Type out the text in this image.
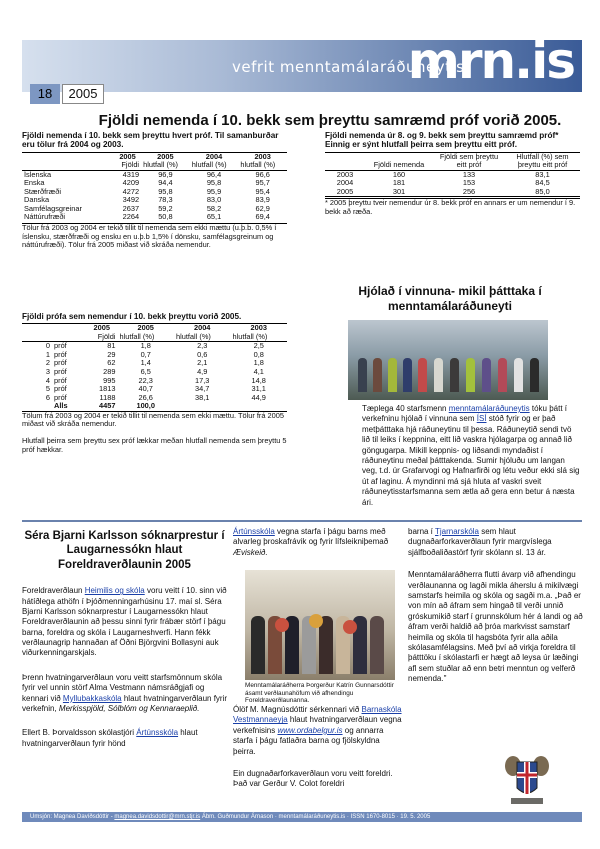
vefrit menntamálaráðuneytis
mrn.is
18	2005
Fjöldi nemenda í 10. bekk sem þreyttu samræmd próf vorið 2005.
Fjöldi nemenda í 10. bekk sem þreyttu hvert próf. Til samanburðar eru tölur frá 2004 og 2003.
	2005	2005	2004	2003
	Fjöldi	hlutfall (%)	hlutfall (%)	hlutfall (%)
Íslenska	4319	96,9	96,4	96,6
Enska	4209	94,4	95,8	95,7
Stærðfræði	4272	95,8	95,9	95,4
Danska	3492	78,3	83,0	83,9
Samfélagsgreinar	2637	59,2	58,2	62,9
Náttúrufræði	2264	50,8	65,1	69,4
Tölur frá 2003 og 2004 er tekið tillit til nemenda sem ekki mættu (u.þ.b. 0,5% í íslensku, stærðfræði og ensku en u.þ.b 1,5% í dönsku, samfélagsgreinum og náttúrufræði). Tölur frá 2005 miðast við skráða nemendur.
Fjöldi nemenda úr 8. og 9. bekk sem þreyttu samræmd próf* Einnig er sýnt hlutfall þeirra sem þreyttu eitt próf.
	Fjöldi nemenda	Fjöldi sem þreyttu eitt próf	Hlutfall (%) sem þreyttu eitt próf
2003	160	133	83,1
2004	181	153	84,5
2005	301	256	85,0
* 2005 þreyttu tveir nemendur úr 8. bekk próf en annars er um nemendur í 9. bekk að ræða.
Fjöldi prófa sem nemendur í 10. bekk þreyttu vorið 2005.
		2005	2005	2004	2003
		Fjöldi	hlutfall (%)	hlutfall (%)	hlutfall (%)
0	próf	81	1,8	2,3	2,5
1	próf	29	0,7	0,6	0,8
2	próf	62	1,4	2,1	1,8
3	próf	289	6,5	4,9	4,1
4	próf	995	22,3	17,3	14,8
5	próf	1813	40,7	34,7	31,1
6	próf	1188	26,6	38,1	44,9
	Alls	4457	100,0		
Tölum frá 2003 og 2004 er tekið tillit til nemenda sem ekki mættu. Tölur frá 2005 miðast við skráða nemendur.
Hlutfall þeirra sem þreyttu sex próf lækkar meðan hlutfall nemenda sem þreyttu 5 próf hækkar.
Hjólað í vinnuna- mikil þátttaka í menntamálaráðuneyti
Tæplega 40 starfsmenn menntamálaráðuneytis tóku þátt í verkefninu hjólað í vinnuna sem ÍSÍ stóð fyrir og er það metþátttaka hjá ráðuneytinu til þessa. Ráðuneytið sendi tvö lið til leiks í keppnina, eitt lið vaskra hjólagarpa og annað lið göngugarpa. Mikill keppnis- og liðsandi myndaðist í ráðuneytinu meðal þátttakenda. Sumir hjóluðu um langan veg, t.d. úr Grafarvogi og Hafnarfirði og létu veður ekki slá sig út af laginu. Á myndinni má sjá hluta af vaskri sveit ráðuneytisstarfsmanna sem ætla að gera enn betur á næsta ári.
Séra Bjarni Karlsson sóknarprestur í Laugarnessókn hlaut Foreldraverðlaunin 2005
Foreldraverðlaun Heimilis og skóla voru veitt í 10. sinn við hátíðlega athöfn í Þjóðmenningarhúsinu 17. maí sl. Séra Bjarni Karlsson sóknarprestur í Laugarnessókn hlaut Foreldraverðlaunin að þessu sinni fyrir frábær störf í þágu barna, foreldra og skóla í Laugarneshverfi. Hann fékk verðlaunagrip hannaðan af Öðni Björgvini Bollasyni auk viðurkenningarskjals.
Þrenn hvatningarverðlaun voru veitt starfsmönnum skóla fyrir vel unnin störf Alma Vestmann námsráðgjafi og kennari við Myllubakkaskóla hlaut hvatningarverðlaun fyrir verkefnin, Merkisspjöld, Sólblóm og Kennaraeplið.
Ellert B. Þorvaldsson skólastjóri Ártúnsskóla hlaut hvatningarverðlaun fyrir hönd
Ártúnsskóla vegna starfa í þágu barns með alvarleg þroskafrávik og fyrir lífsleikniþemað Æviskeið.
Menntamálaráðherra Þorgerður Katrín Gunnarsdóttir ásamt verðlaunahöfum við afhendingu Foreldraverðlaunanna.
Ólöf M. Magnúsdóttir sérkennari við Barnaskóla Vestmannaeyja hlaut hvatningarverðlaun vegna verkefnisins www.ordabelgur.is og annarra starfa í þágu fatlaðra barna og fjölskyldna þeirra.
Ein dugnaðarforkaverðlaun voru veitt foreldri. Það var Gerður V. Colot foreldri
barna í Tjarnarskóla sem hlaut dugnaðarforkaverðlaun fyrir margvíslega sjálfboðaliðastörf fyrir skólann sl. 13 ár.
Menntamálaráðherra flutti ávarp við afhendingu verðlaunanna og lagði mikla áherslu á mikilvægi samstarfs heimila og skóla og sagði m.a. „Það er von mín að áfram sem hingað til verði unnið gróskumikið starf í grunnskólum hér á landi og að áfram verði haldið að þróa markvisst samstarf heimila og skóla til hagsbóta fyrir alla aðila skólasamfélagsins. Með því að virkja foreldra til þátttöku í skólastarfi er hægt að leysa úr læðingi afl sem stuðlar að enn betri menntun og velferð nemenda."
Umsjón: Magnea Davíðsdóttir - magnea.davidsdottir@mrn.stjr.is Ábm. Guðmundur Árnason · menntamálaráðuneytis.is · ISSN 1670-8015 · 19. 5. 2005
